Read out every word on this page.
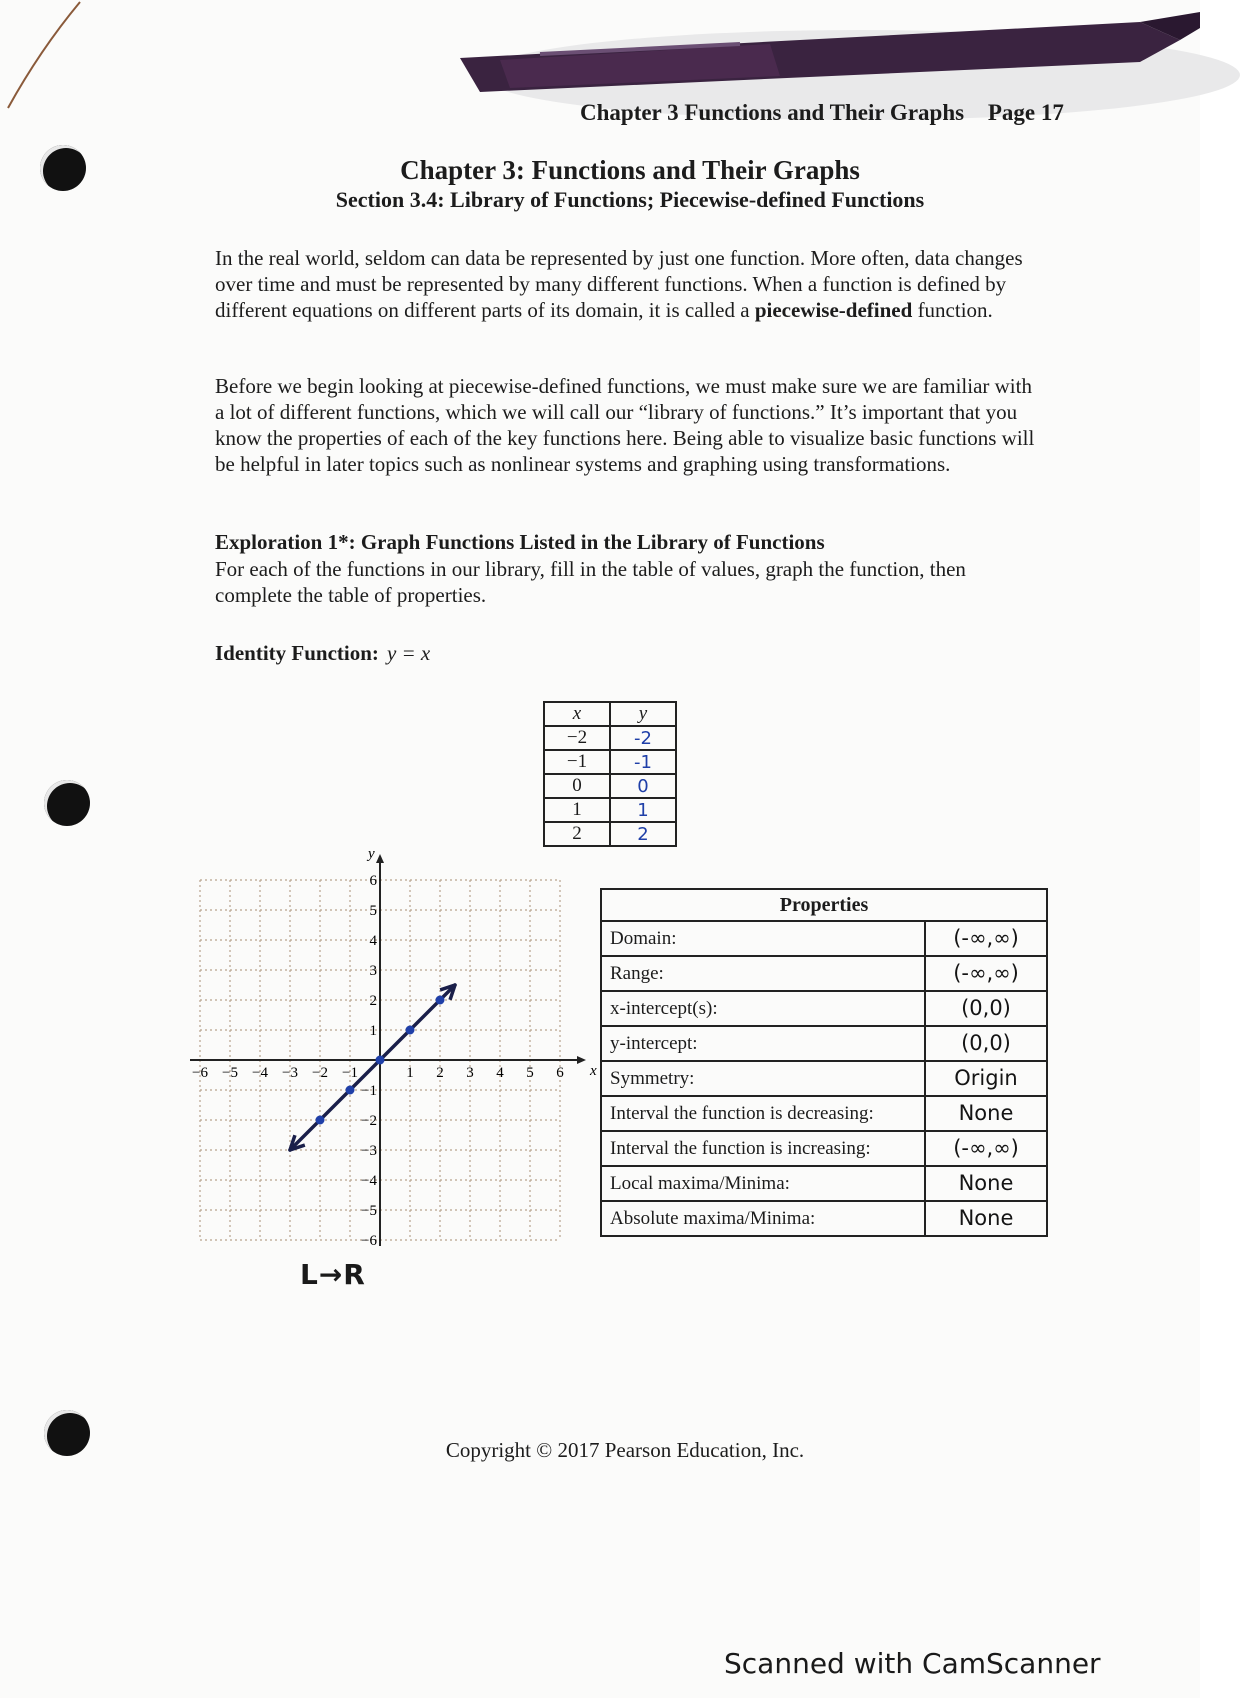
Chapter 3 Functions and Their Graphs Page 17
Chapter 3: Functions and Their Graphs
Section 3.4: Library of Functions; Piecewise-defined Functions
In the real world, seldom can data be represented by just one function. More often, data changes over time and must be represented by many different functions. When a function is defined by different equations on different parts of its domain, it is called a piecewise-defined function.
Before we begin looking at piecewise-defined functions, we must make sure we are familiar with a lot of different functions, which we will call our “library of functions.” It’s important that you know the properties of each of the key functions here. Being able to visualize basic functions will be helpful in later topics such as nonlinear systems and graphing using transformations.
Exploration 1*: Graph Functions Listed in the Library of Functions
For each of the functions in our library, fill in the table of values, graph the function, then complete the table of properties.
Identity Function: y = x
x	y
−2	-2
−1	-1
0	0
1	1
2	2
−6 −5 −4 −3 −2 −1	1 2 3 4 5 6
6
5
4
3
2
1
−1
−2
−3
−4
−5
−6
x
y
L→R
Properties
Domain:	(-∞,∞)
Range:	(-∞,∞)
x-intercept(s):	(0,0)
y-intercept:	(0,0)
Symmetry:	Origin
Interval the function is decreasing:	None
Interval the function is increasing:	(-∞,∞)
Local maxima/Minima:	None
Absolute maxima/Minima:	None
Copyright © 2017 Pearson Education, Inc.
Scanned with CamScanner
